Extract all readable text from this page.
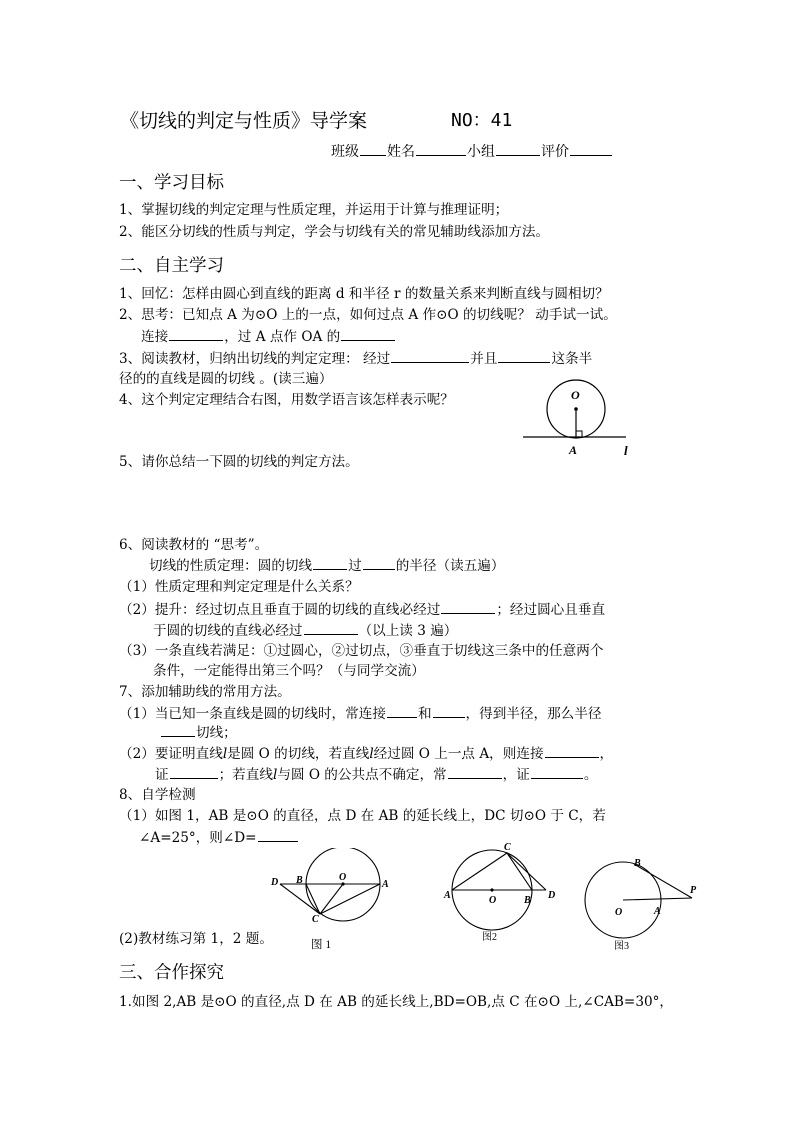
《切线的判定与性质》导学案	NO：41
班级 姓名	小组	评价
一、学习目标
1、掌握切线的判定定理与性质定理，并运用于计算与推理证明；
2、能区分切线的性质与判定，学会与切线有关的常见辅助线添加方法。
二、自主学习
1、回忆：怎样由圆心到直线的距离 d 和半径 r 的数量关系来判断直线与圆相切？
2、思考：已知点 A 为⊙O 上的一点，如何过点 A 作⊙O 的切线呢？ 动手试一试。
连接	，过 A 点作 OA 的
3、阅读教材，归纳出切线的判定定理： 经过	并且	这条半
径的的直线是圆的切线 。(读三遍）
4、这个判定定理结合右图，用数学语言该怎样表示呢？	O
A	l
5、请你总结一下圆的切线的判定方法。
6、阅读教材的 “思考”。
切线的性质定理：圆的切线	过	的半径（读五遍）
（1）性质定理和判定定理是什么关系？
（2）提升：经过切点且垂直于圆的切线的直线必经过	；经过圆心且垂直
于圆的切线的直线必经过	（以上读 3 遍）
（3）一条直线若满足：①过圆心，②过切点，③垂直于切线这三条中的任意两个
条件，一定能得出第三个吗？（与同学交流）
7、添加辅助线的常用方法。
（1）当已知一条直线是圆的切线时，常连接 和	，得到半径，那么半径
切线；
（2）要证明直线l是圆 O 的切线，若直线l经过圆 O 上一点 A，则连接	，
证	；若直线l与圆 O 的公共点不确定，常	，证	。
8、自学检测
（1）如图 1，AB 是⊙O 的直径，点 D 在 AB 的延长线上，DC 切⊙O 于 C，若
∠A=25°，则∠D=
D B	O
A
C
图 1
C
A	O	B D
图2
B
P
O	A
图3
(2)教材练习第 1，2 题。
三、合作探究
1.如图 2,AB 是⊙O 的直径,点 D 在 AB 的延长线上,BD=OB,点 C 在⊙O 上,∠CAB=30°，
